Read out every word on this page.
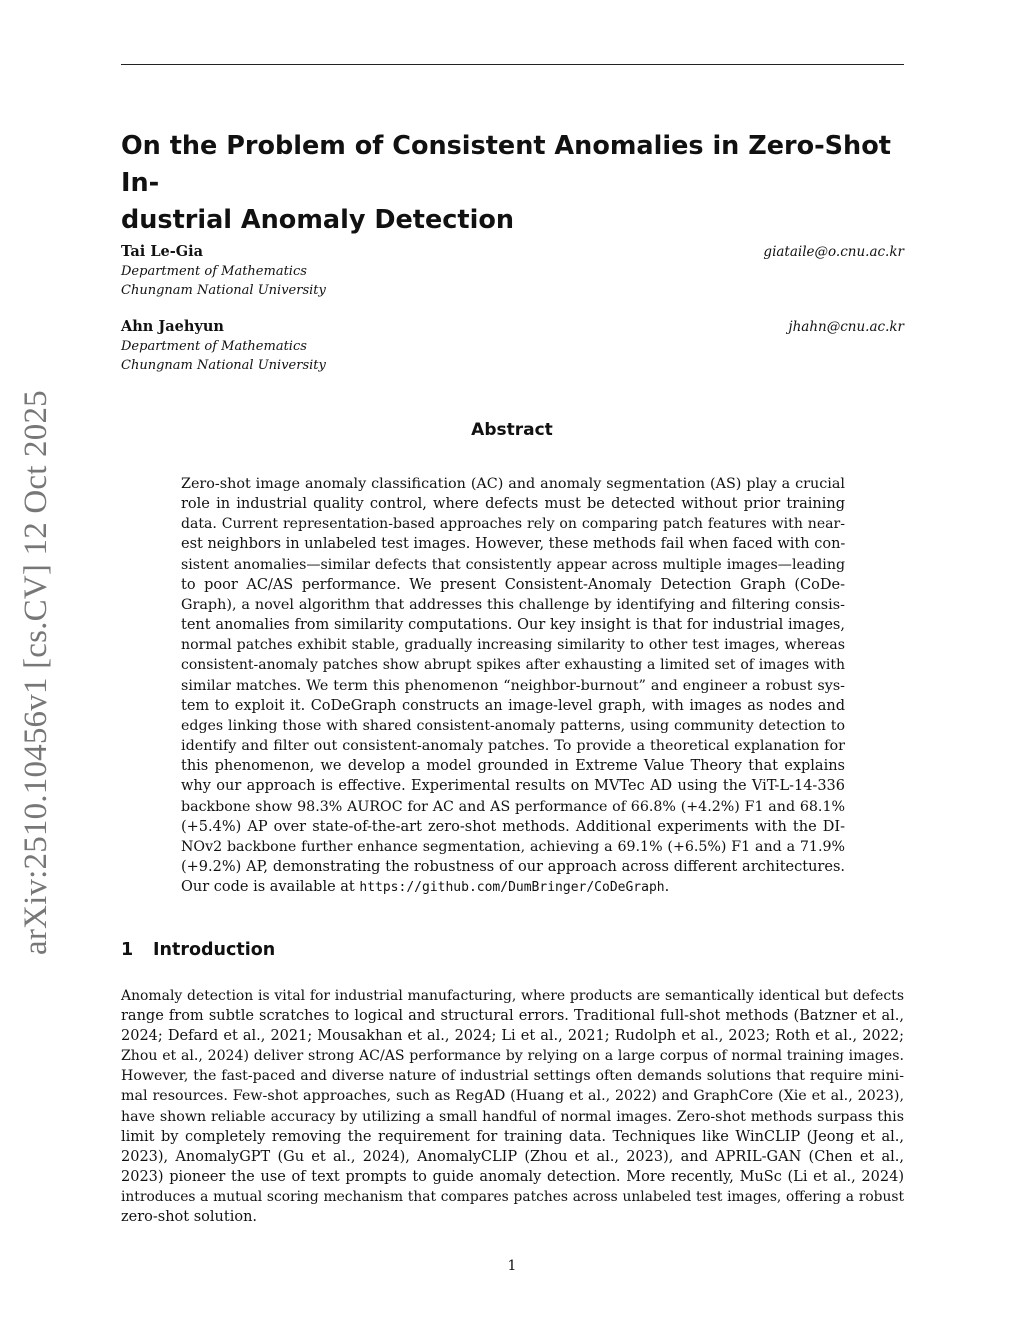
arXiv:2510.10456v1 [cs.CV] 12 Oct 2025
On the Problem of Consistent Anomalies in Zero-Shot In-
dustrial Anomaly Detection
Tai Le-Gia	giataile@o.cnu.ac.kr
Department of Mathematics
Chungnam National University
Ahn Jaehyun	jhahn@cnu.ac.kr
Department of Mathematics
Chungnam National University
Abstract
Zero-shot image anomaly classification (AC) and anomaly segmentation (AS) play a crucial
role in industrial quality control, where defects must be detected without prior training
data. Current representation-based approaches rely on comparing patch features with near-
est neighbors in unlabeled test images. However, these methods fail when faced with con-
sistent anomalies—similar defects that consistently appear across multiple images—leading
to poor AC/AS performance. We present Consistent-Anomaly Detection Graph (CoDe-
Graph), a novel algorithm that addresses this challenge by identifying and filtering consis-
tent anomalies from similarity computations. Our key insight is that for industrial images,
normal patches exhibit stable, gradually increasing similarity to other test images, whereas
consistent-anomaly patches show abrupt spikes after exhausting a limited set of images with
similar matches. We term this phenomenon “neighbor-burnout” and engineer a robust sys-
tem to exploit it. CoDeGraph constructs an image-level graph, with images as nodes and
edges linking those with shared consistent-anomaly patterns, using community detection to
identify and filter out consistent-anomaly patches. To provide a theoretical explanation for
this phenomenon, we develop a model grounded in Extreme Value Theory that explains
why our approach is effective. Experimental results on MVTec AD using the ViT-L-14-336
backbone show 98.3% AUROC for AC and AS performance of 66.8% (+4.2%) F1 and 68.1%
(+5.4%) AP over state-of-the-art zero-shot methods. Additional experiments with the DI-
NOv2 backbone further enhance segmentation, achieving a 69.1% (+6.5%) F1 and a 71.9%
(+9.2%) AP, demonstrating the robustness of our approach across different architectures.
Our code is available at https://github.com/DumBringer/CoDeGraph.
1 Introduction
Anomaly detection is vital for industrial manufacturing, where products are semantically identical but defects
range from subtle scratches to logical and structural errors. Traditional full-shot methods (Batzner et al.,
2024; Defard et al., 2021; Mousakhan et al., 2024; Li et al., 2021; Rudolph et al., 2023; Roth et al., 2022;
Zhou et al., 2024) deliver strong AC/AS performance by relying on a large corpus of normal training images.
However, the fast-paced and diverse nature of industrial settings often demands solutions that require mini-
mal resources. Few-shot approaches, such as RegAD (Huang et al., 2022) and GraphCore (Xie et al., 2023),
have shown reliable accuracy by utilizing a small handful of normal images. Zero-shot methods surpass this
limit by completely removing the requirement for training data. Techniques like WinCLIP (Jeong et al.,
2023), AnomalyGPT (Gu et al., 2024), AnomalyCLIP (Zhou et al., 2023), and APRIL-GAN (Chen et al.,
2023) pioneer the use of text prompts to guide anomaly detection. More recently, MuSc (Li et al., 2024)
introduces a mutual scoring mechanism that compares patches across unlabeled test images, offering a robust
zero-shot solution.
1
